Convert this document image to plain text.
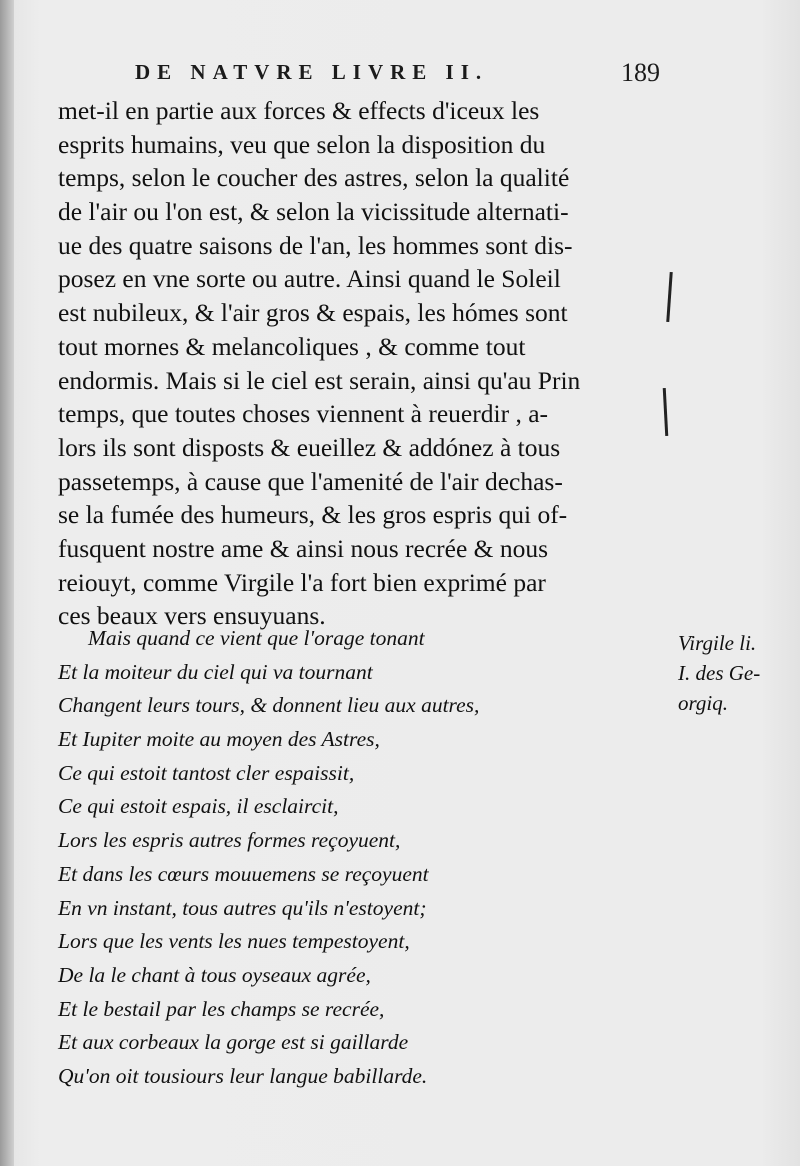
DE NATVRE LIVRE II.	189
met-il en partie aux forces & effects d'iceux les
esprits humains, veu que selon la disposition du
temps, selon le coucher des astres, selon la qualité
de l'air ou l'on est, & selon la vicissitude alternati-
ue des quatre saisons de l'an, les hommes sont dis-
posez en vne sorte ou autre. Ainsi quand le Soleil
est nubileux, & l'air gros & espais, les hómes sont
tout mornes & melancoliques , & comme tout
endormis. Mais si le ciel est serain, ainsi qu'au Prin
temps, que toutes choses viennent à reuerdir , a-
lors ils sont disposts & eueillez & addónez à tous
passetemps, à cause que l'amenité de l'air dechas-
se la fumée des humeurs, & les gros espris qui of-
fusquent nostre ame & ainsi nous recrée & nous
reiouyt, comme Virgile l'a fort bien exprimé par
ces beaux vers ensuyuans.
Mais quand ce vient que l'orage tonant
Et la moiteur du ciel qui va tournant
Changent leurs tours, & donnent lieu aux autres,
Et Iupiter moite au moyen des Astres,
Ce qui estoit tantost cler espaissit,
Ce qui estoit espais, il esclaircit,
Lors les espris autres formes reçoyuent,
Et dans les cœurs mouuemens se reçoyuent
En vn instant, tous autres qu'ils n'estoyent;
Lors que les vents les nues tempestoyent,
De la le chant à tous oyseaux agrée,
Et le bestail par les champs se recrée,
Et aux corbeaux la gorge est si gaillarde
Qu'on oit tousiours leur langue babillarde.
Virgile li.
I. des Ge-
orgiq.
